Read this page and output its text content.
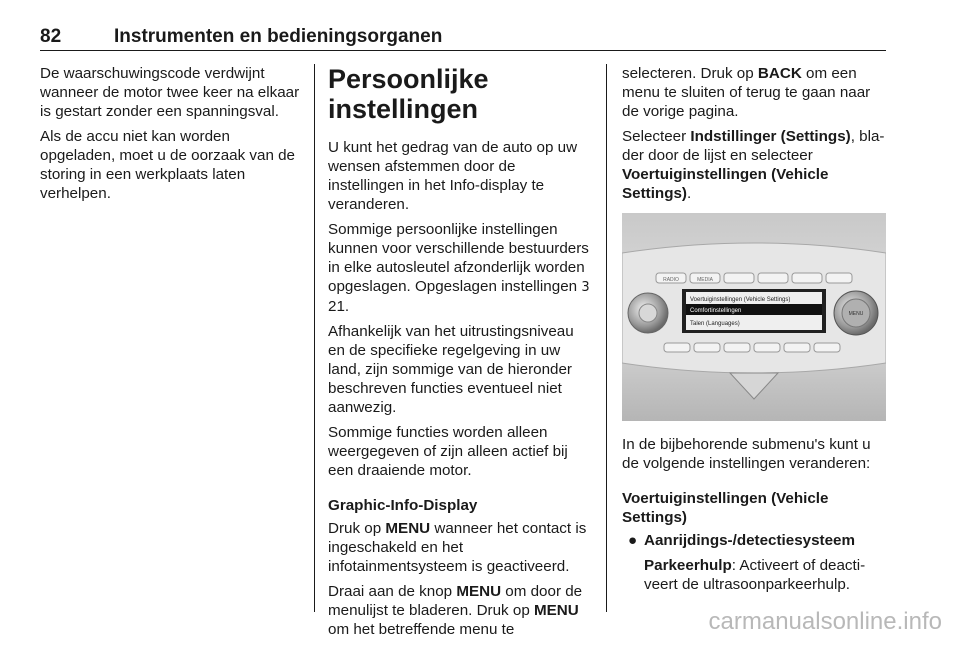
82	Instrumenten en bedieningsorganen

De waarschuwingscode verdwijnt wanneer de motor twee keer na elkaar is gestart zonder een spanningsval.

Als de accu niet kan worden opgeladen, moet u de oorzaak van de storing in een werkplaats laten verhelpen.

Persoonlijke instellingen

U kunt het gedrag van de auto op uw wensen afstemmen door de instellingen in het Info-display te veranderen.

Sommige persoonlijke instellingen kunnen voor verschillende bestuurders in elke autosleutel afzonderlijk worden opgeslagen. Opgeslagen instellingen 3 21.

Afhankelijk van het uitrustingsniveau en de specifieke regelgeving in uw land, zijn sommige van de hieronder beschreven functies eventueel niet aanwezig.

Sommige functies worden alleen weergegeven of zijn alleen actief bij een draaiende motor.

Graphic-Info-Display

Druk op MENU wanneer het contact is ingeschakeld en het infotainmentsysteem is geactiveerd.

Draai aan de knop MENU om door de menulijst te bladeren. Druk op MENU om het betreffende menu te

selecteren. Druk op BACK om een menu te sluiten of terug te gaan naar de vorige pagina.

Selecteer Indstillinger (Settings), bla-der door de lijst en selecteer Voertuiginstellingen (Vehicle Settings).

RADIO	MEDIA
Voertuiginstellingen (Vehicle Settings)
Comfortinstellingen
Talen (Languages)
MENU

In de bijbehorende submenu's kunt u de volgende instellingen veranderen:

Voertuiginstellingen (Vehicle Settings)
● Aanrijdings-/detectiesysteem

Parkeerhulp: Activeert of deacti-veert de ultrasoonparkeerhulp.

carmanualsonline.info
